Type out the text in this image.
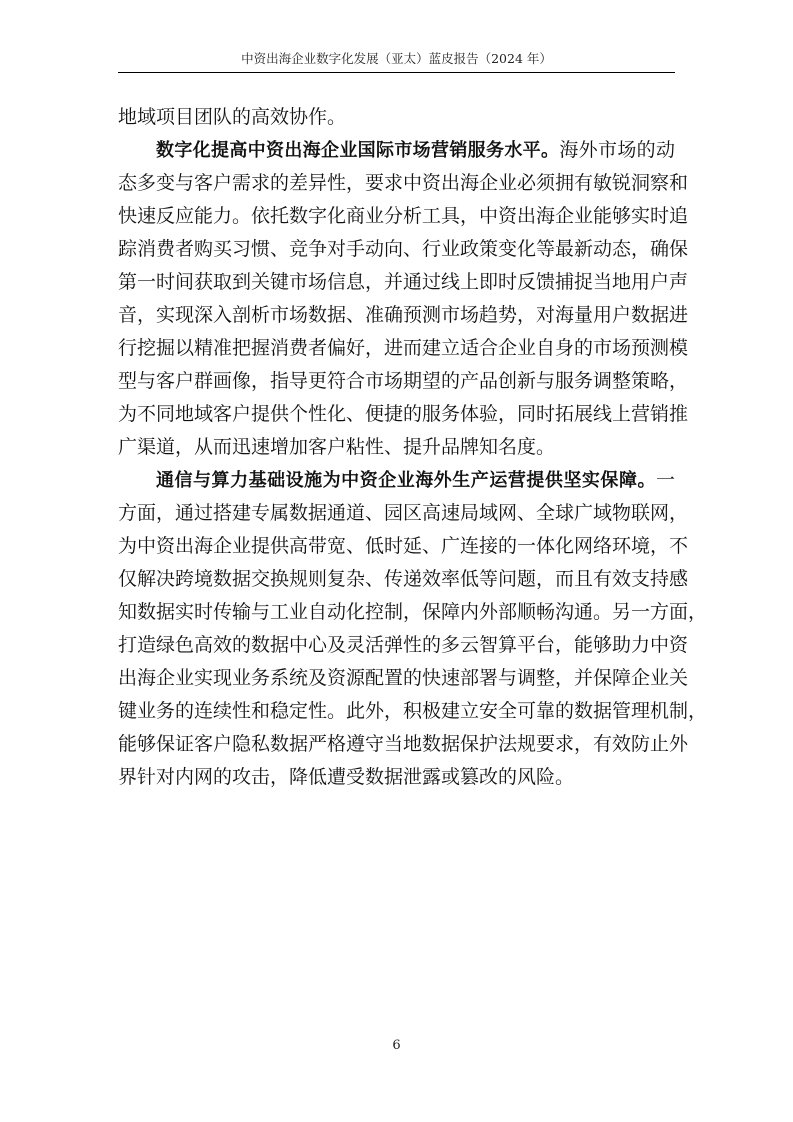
中资出海企业数字化发展（亚太）蓝皮报告（2024 年）
地域项目团队的高效协作。
数字化提高中资出海企业国际市场营销服务水平。海外市场的动
态多变与客户需求的差异性，要求中资出海企业必须拥有敏锐洞察和
快速反应能力。依托数字化商业分析工具，中资出海企业能够实时追
踪消费者购买习惯、竞争对手动向、行业政策变化等最新动态，确保
第一时间获取到关键市场信息，并通过线上即时反馈捕捉当地用户声
音，实现深入剖析市场数据、准确预测市场趋势，对海量用户数据进
行挖掘以精准把握消费者偏好，进而建立适合企业自身的市场预测模
型与客户群画像，指导更符合市场期望的产品创新与服务调整策略，
为不同地域客户提供个性化、便捷的服务体验，同时拓展线上营销推
广渠道，从而迅速增加客户粘性、提升品牌知名度。
通信与算力基础设施为中资企业海外生产运营提供坚实保障。一
方面，通过搭建专属数据通道、园区高速局域网、全球广域物联网，
为中资出海企业提供高带宽、低时延、广连接的一体化网络环境，不
仅解决跨境数据交换规则复杂、传递效率低等问题，而且有效支持感
知数据实时传输与工业自动化控制，保障内外部顺畅沟通。另一方面，
打造绿色高效的数据中心及灵活弹性的多云智算平台，能够助力中资
出海企业实现业务系统及资源配置的快速部署与调整，并保障企业关
键业务的连续性和稳定性。此外，积极建立安全可靠的数据管理机制，
能够保证客户隐私数据严格遵守当地数据保护法规要求，有效防止外
界针对内网的攻击，降低遭受数据泄露或篡改的风险。
6
